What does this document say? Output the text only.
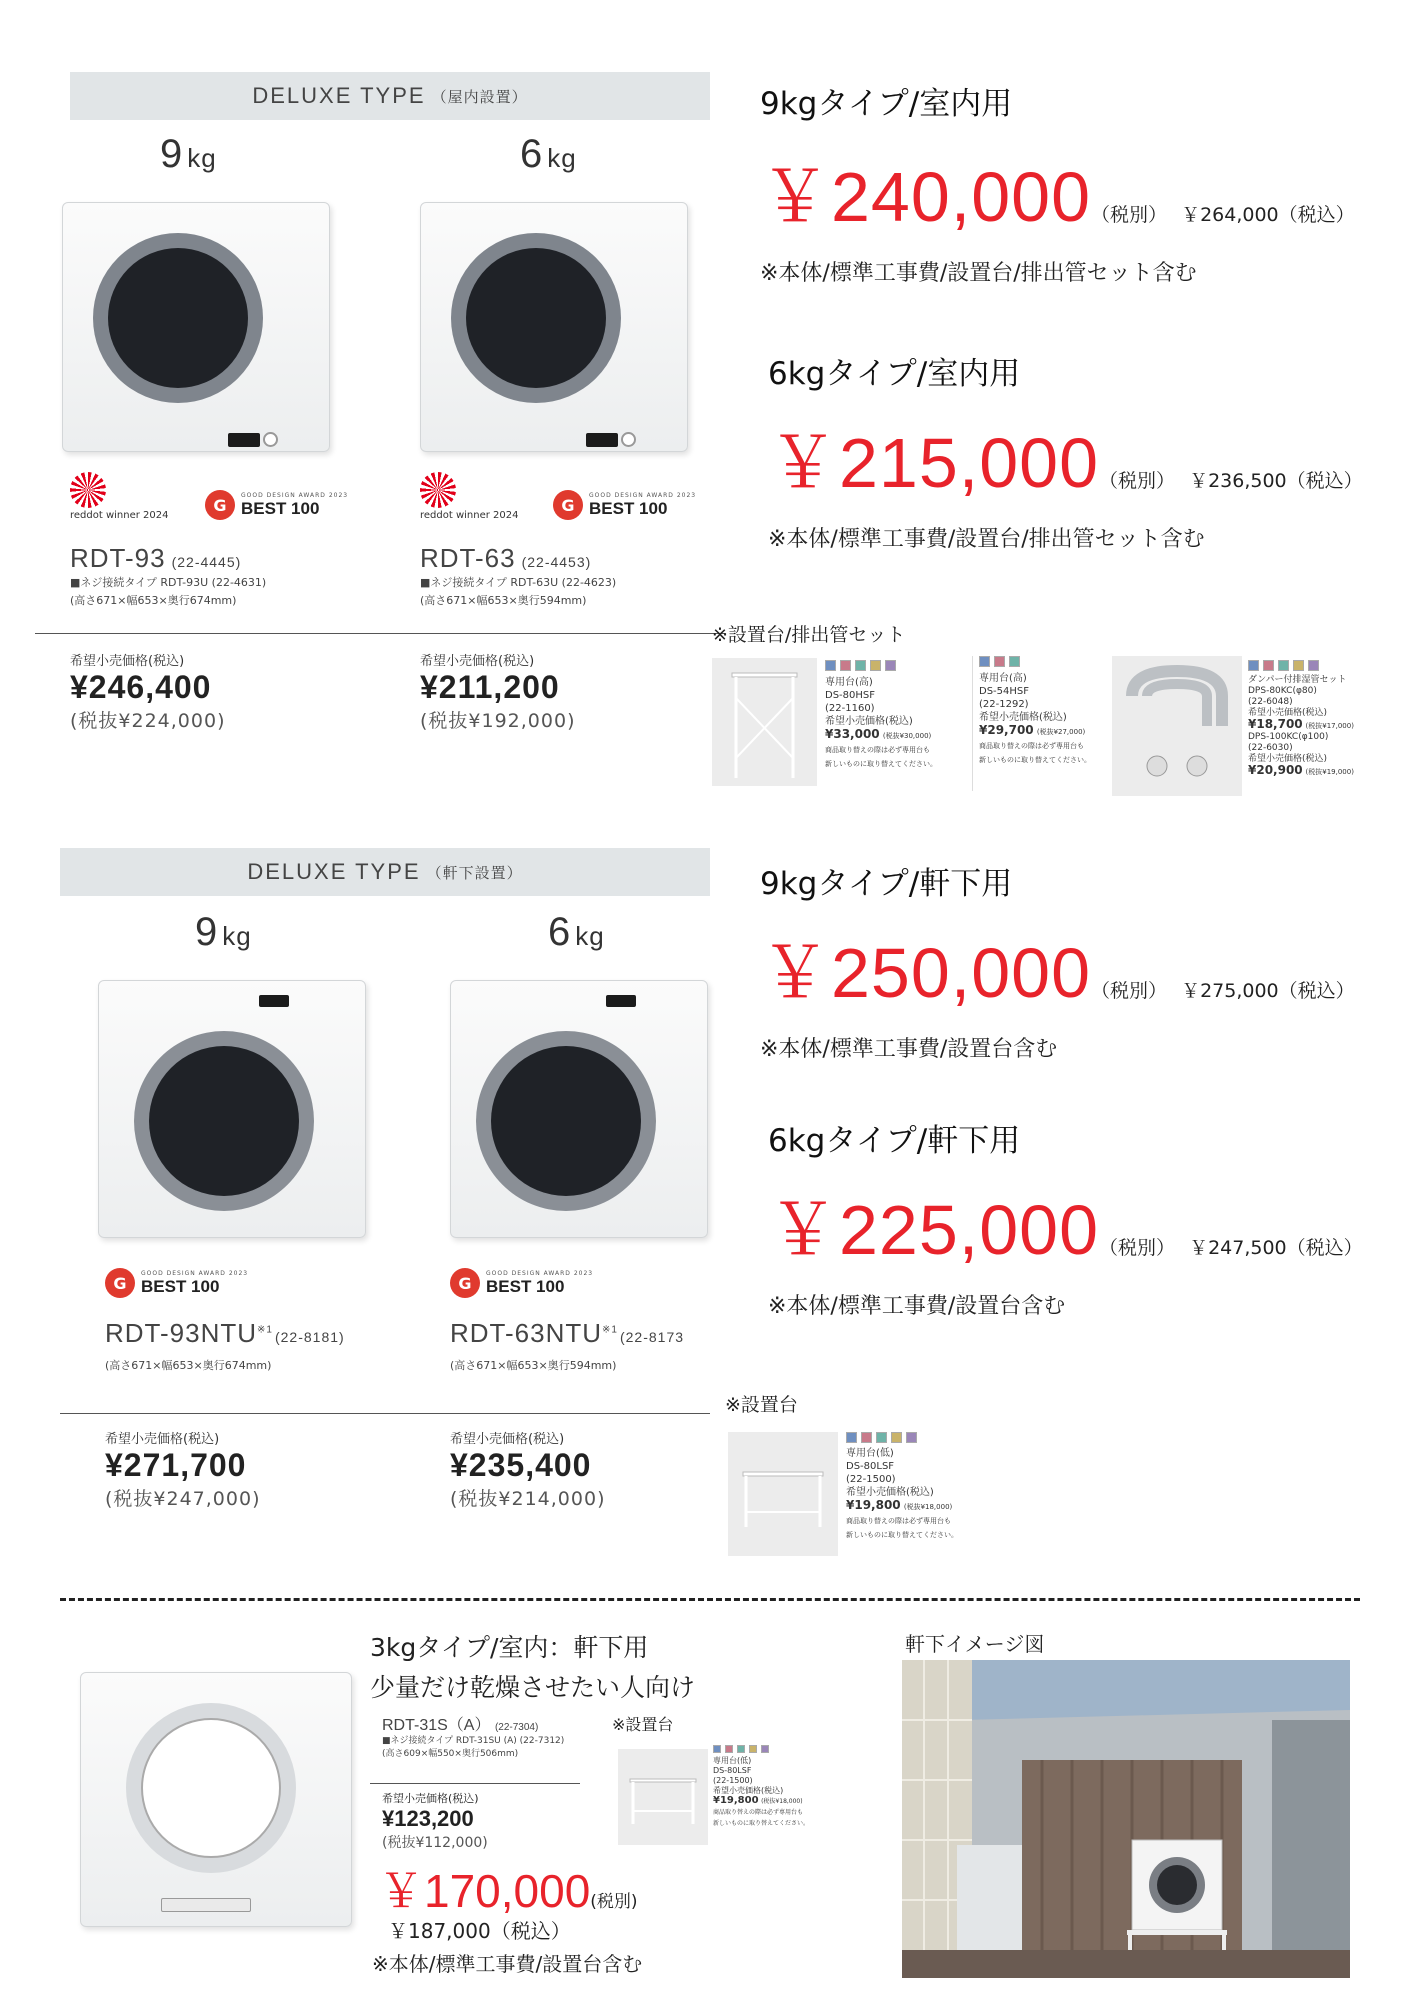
DELUXE TYPE （屋内設置）
9 kg	6 kg
reddot winner 2024
G
GOOD DESIGN AWARD 2023
BEST 100	reddot winner 2024
G
GOOD DESIGN AWARD 2023
BEST 100
RDT-93 (22-4445)
■ネジ接続タイプ RDT-93U (22-4631)
(高さ671×幅653×奥行674mm)
RDT-63 (22-4453)
■ネジ接続タイプ RDT-63U (22-4623)
(高さ671×幅653×奥行594mm)
※設置台/排出管セット
希望小売価格(税込)
¥246,400
(税抜¥224,000)
希望小売価格(税込)
¥211,200
(税抜¥192,000)
専用台(高)
DS-80HSF
(22-1160)
希望小売価格(税込)
¥33,000 (税抜¥30,000)
商品取り替えの際は必ず専用台も
新しいものに取り替えてください。
専用台(高)
DS-54HSF
(22-1292)
希望小売価格(税込)
¥29,700 (税抜¥27,000)
商品取り替えの際は必ず専用台も
新しいものに取り替えてください。
ダンパー付排湿管セット
DPS-80KC(φ80)
(22-6048)
希望小売価格(税込)
¥18,700 (税抜¥17,000)
DPS-100KC(φ100)
(22-6030)
希望小売価格(税込)
¥20,900 (税抜¥19,000)
9kgタイプ/室内用
￥240,000 （税別） ￥264,000（税込）
※本体/標準工事費/設置台/排出管セット含む
6kgタイプ/室内用
￥215,000 （税別） ￥236,500（税込）
※本体/標準工事費/設置台/排出管セット含む
DELUXE TYPE （軒下設置）
9 kg	6 kg
G
GOOD DESIGN AWARD 2023
BEST 100	G
GOOD DESIGN AWARD 2023
BEST 100
RDT-93NTU$^{※1}$ (22-8181)
(高さ671×幅653×奥行674mm)
RDT-63NTU$^{※1}$ (22-8173
(高さ671×幅653×奥行594mm)
※設置台
希望小売価格(税込)
¥271,700
(税抜¥247,000)
希望小売価格(税込)
¥235,400
(税抜¥214,000)
専用台(低)
DS-80LSF
(22-1500)
希望小売価格(税込)
¥19,800 (税抜¥18,000)
商品取り替えの際は必ず専用台も
新しいものに取り替えてください。
9kgタイプ/軒下用
￥250,000 （税別） ￥275,000（税込）
※本体/標準工事費/設置台含む
6kgタイプ/軒下用
￥225,000 （税別） ￥247,500（税込）
※本体/標準工事費/設置台含む
3kgタイプ/室内：軒下用
少量だけ乾燥させたい人向け
RDT-31S（A） (22-7304)
■ネジ接続タイプ RDT-31SU (A) (22-7312)
(高さ609×幅550×奥行506mm)
希望小売価格(税込)
¥123,200
(税抜¥112,000)
￥170,000 (税別)
￥187,000（税込）
※本体/標準工事費/設置台含む
※設置台
専用台(低)
DS-80LSF
(22-1500)
希望小売価格(税込)
¥19,800 (税抜¥18,000)
商品取り替えの際は必ず専用台も
新しいものに取り替えてください。
軒下イメージ図
